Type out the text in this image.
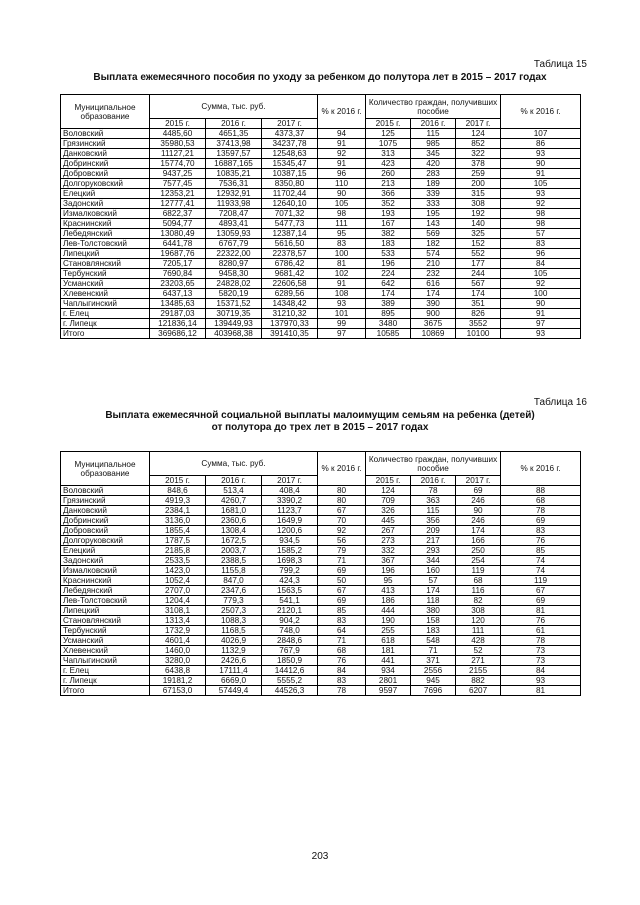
Таблица 15
Выплата ежемесячного пособия по уходу за ребенком до полутора лет в 2015 – 2017 годах
Муниципальное образование	Сумма, тыс. руб.			% к 2016 г.	Количество граждан, получивших пособие			% к 2016 г.
	2015 г.	2016 г.	2017 г.		2015 г.	2016 г.	2017 г.	
Воловский	4485,60	4651,35	4373,37	94	125	115	124	107
Грязинский	35980,53	37413,98	34237,78	91	1075	985	852	86
Данковский	11127,21	13597,57	12548,63	92	313	345	322	93
Добринский	15774,70	16887,165	15345,47	91	423	420	378	90
Добровский	9437,25	10835,21	10387,15	96	260	283	259	91
Долгоруковский	7577,45	7536,31	8350,80	110	213	189	200	105
Елецкий	12353,21	12932,91	11702,44	90	366	339	315	93
Задонский	12777,41	11933,98	12640,10	105	352	333	308	92
Измалковский	6822,37	7208,47	7071,32	98	193	195	192	98
Краснинский	5094,77	4893,41	5477,73	111	167	143	140	98
Лебедянский	13080,49	13059,93	12387,14	95	382	569	325	57
Лев-Толстовский	6441,78	6767,79	5616,50	83	183	182	152	83
Липецкий	19687,76	22322,00	22378,57	100	533	574	552	96
Становлянский	7205,17	8280,97	6786,42	81	196	210	177	84
Тербунский	7690,84	9458,30	9681,42	102	224	232	244	105
Усманский	23203,65	24828,02	22606,58	91	642	616	567	92
Хлевенский	6437,13	5820,19	6289,56	108	174	174	174	100
Чаплыгинский	13485,63	15371,52	14348,42	93	389	390	351	90
г. Елец	29187,03	30719,35	31210,32	101	895	900	826	91
г. Липецк	121836,14	139449,93	137970,33	99	3480	3675	3552	97
Итого	369686,12	403968,38	391410,35	97	10585	10869	10100	93
Таблица 16
Выплата ежемесячной социальной выплаты малоимущим семьям на ребенка (детей)
от полутора до трех лет в 2015 – 2017 годах
Муниципальное образование	Сумма, тыс. руб.			% к 2016 г.	Количество граждан, получивших пособие			% к 2016 г.
	2015 г.	2016 г.	2017 г.		2015 г.	2016 г.	2017 г.	
Воловский	848,6	513,4	408,4	80	124	78	69	88
Грязинский	4919,3	4260,7	3390,2	80	709	363	246	68
Данковский	2384,1	1681,0	1123,7	67	326	115	90	78
Добринский	3136,0	2360,6	1649,9	70	445	356	246	69
Добровский	1855,4	1308,4	1200,6	92	267	209	174	83
Долгоруковский	1787,5	1672,5	934,5	56	273	217	166	76
Елецкий	2185,8	2003,7	1585,2	79	332	293	250	85
Задонский	2533,5	2388,5	1698,3	71	367	344	254	74
Измалковский	1423,0	1155,8	799,2	69	196	160	119	74
Краснинский	1052,4	847,0	424,3	50	95	57	68	119
Лебедянский	2707,0	2347,6	1563,5	67	413	174	116	67
Лев-Толстовский	1204,4	779,3	541,1	69	186	118	82	69
Липецкий	3108,1	2507,3	2120,1	85	444	380	308	81
Становлянский	1313,4	1088,3	904,2	83	190	158	120	76
Тербунский	1732,9	1168,5	748,0	64	255	183	111	61
Усманский	4601,4	4026,9	2848,6	71	618	548	428	78
Хлевенский	1460,0	1132,9	767,9	68	181	71	52	73
Чаплыгинский	3280,0	2426,6	1850,9	76	441	371	271	73
г. Елец	6438,8	17111,4	14412,6	84	934	2556	2155	84
г. Липецк	19181,2	6669,0	5555,2	83	2801	945	882	93
Итого	67153,0	57449,4	44526,3	78	9597	7696	6207	81
203
